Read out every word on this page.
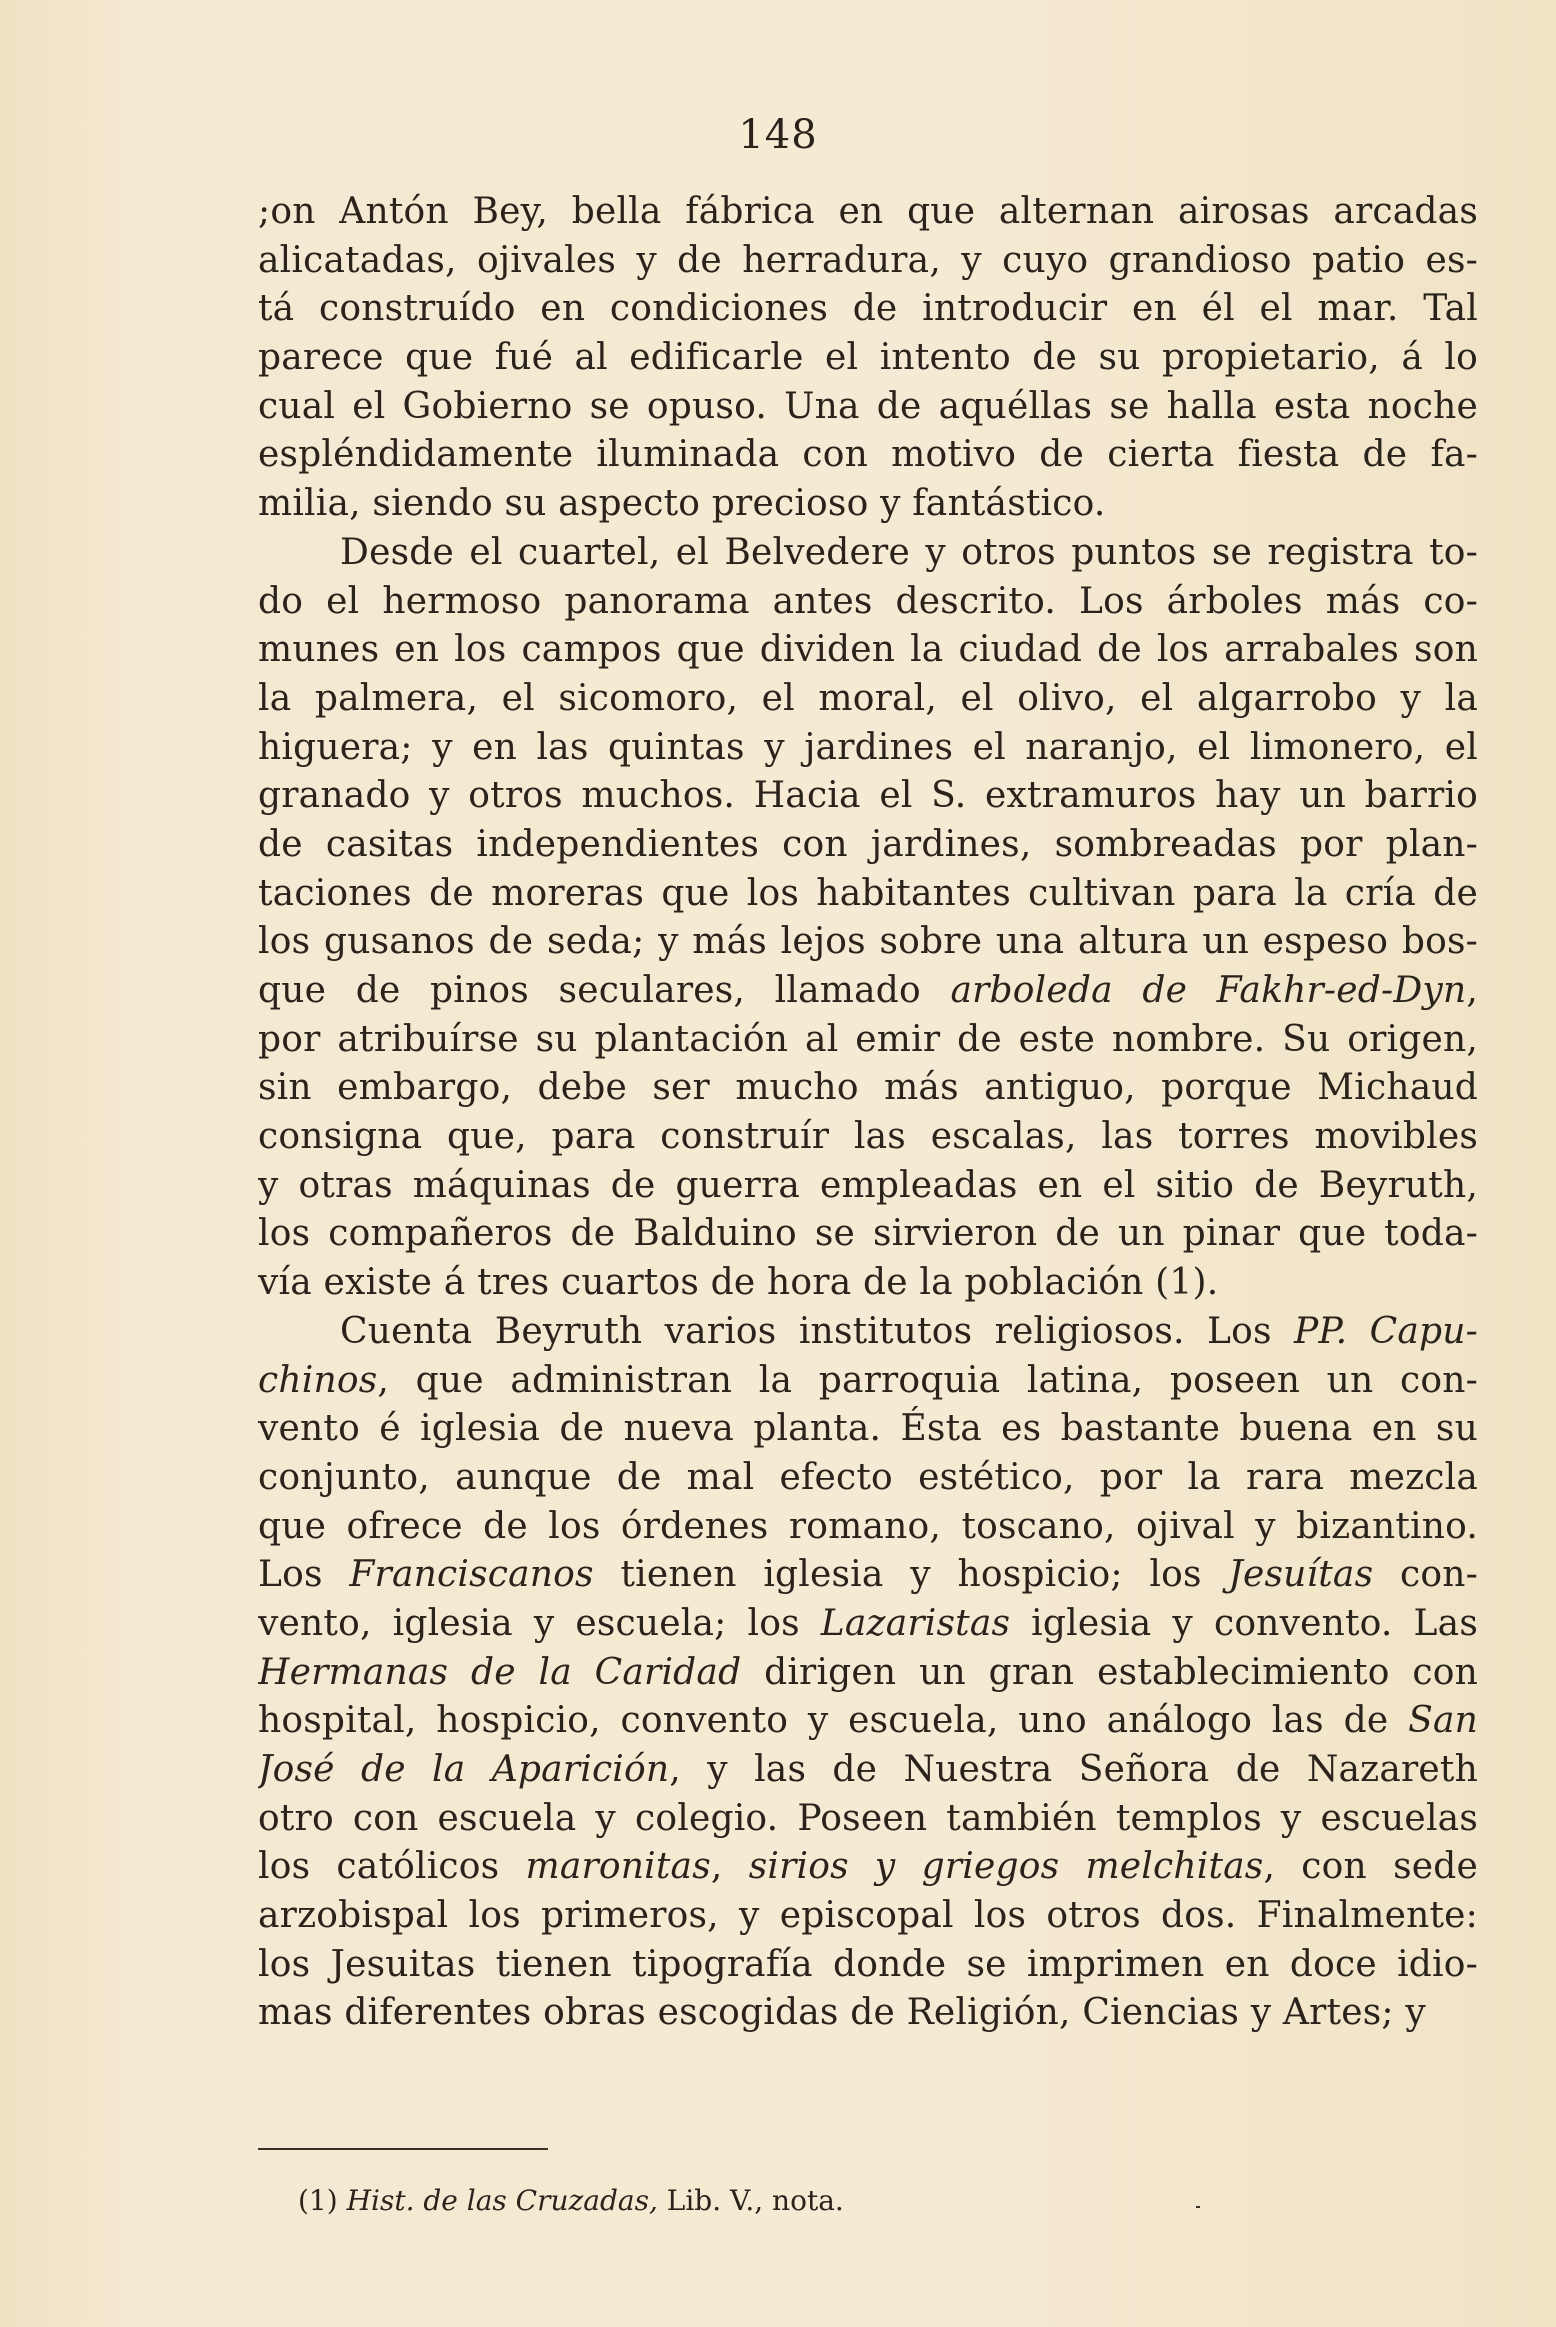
148
;on Antón Bey, bella fábrica en que alternan airosas arcadas
alicatadas, ojivales y de herradura, y cuyo grandioso patio es-
tá construído en condiciones de introducir en él el mar. Tal
parece que fué al edificarle el intento de su propietario, á lo
cual el Gobierno se opuso. Una de aquéllas se halla esta noche
espléndidamente iluminada con motivo de cierta fiesta de fa-
milia, siendo su aspecto precioso y fantástico.
Desde el cuartel, el Belvedere y otros puntos se registra to-
do el hermoso panorama antes descrito. Los árboles más co-
munes en los campos que dividen la ciudad de los arrabales son
la palmera, el sicomoro, el moral, el olivo, el algarrobo y la
higuera; y en las quintas y jardines el naranjo, el limonero, el
granado y otros muchos. Hacia el S. extramuros hay un barrio
de casitas independientes con jardines, sombreadas por plan-
taciones de moreras que los habitantes cultivan para la cría de
los gusanos de seda; y más lejos sobre una altura un espeso bos-
que de pinos seculares, llamado arboleda de Fakhr-ed-Dyn,
por atribuírse su plantación al emir de este nombre. Su origen,
sin embargo, debe ser mucho más antiguo, porque Michaud
consigna que, para construír las escalas, las torres movibles
y otras máquinas de guerra empleadas en el sitio de Beyruth,
los compañeros de Balduino se sirvieron de un pinar que toda-
vía existe á tres cuartos de hora de la población (1).
Cuenta Beyruth varios institutos religiosos. Los PP. Capu-
chinos, que administran la parroquia latina, poseen un con-
vento é iglesia de nueva planta. Ésta es bastante buena en su
conjunto, aunque de mal efecto estético, por la rara mezcla
que ofrece de los órdenes romano, toscano, ojival y bizantino.
Los Franciscanos tienen iglesia y hospicio; los Jesuítas con-
vento, iglesia y escuela; los Lazaristas iglesia y convento. Las
Hermanas de la Caridad dirigen un gran establecimiento con
hospital, hospicio, convento y escuela, uno análogo las de San
José de la Aparición, y las de Nuestra Señora de Nazareth
otro con escuela y colegio. Poseen también templos y escuelas
los católicos maronitas, sirios y griegos melchitas, con sede
arzobispal los primeros, y episcopal los otros dos. Finalmente:
los Jesuitas tienen tipografía donde se imprimen en doce idio-
mas diferentes obras escogidas de Religión, Ciencias y Artes; y
(1) Hist. de las Cruzadas, Lib. V., nota.
